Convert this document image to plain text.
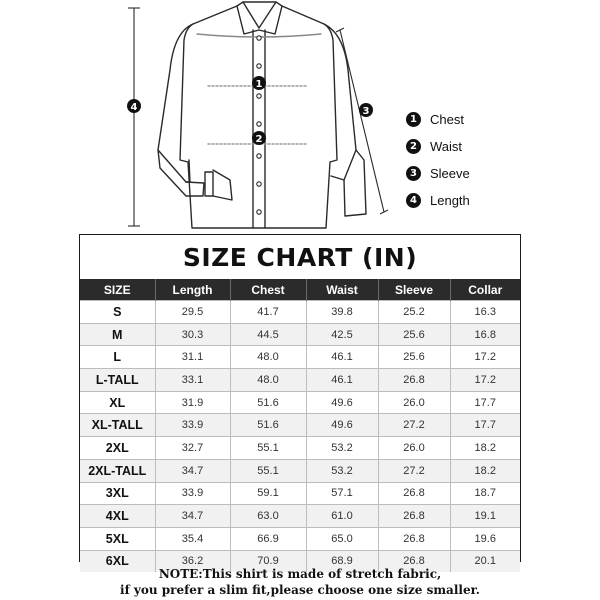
1
2
3
4
1	Chest
2	Waist
3	Sleeve
4	Length
SIZE CHART (IN)
SIZE	Length	Chest	Waist	Sleeve	Collar
S	29.5	41.7	39.8	25.2	16.3
M	30.3	44.5	42.5	25.6	16.8
L	31.1	48.0	46.1	25.6	17.2
L-TALL	33.1	48.0	46.1	26.8	17.2
XL	31.9	51.6	49.6	26.0	17.7
XL-TALL	33.9	51.6	49.6	27.2	17.7
2XL	32.7	55.1	53.2	26.0	18.2
2XL-TALL	34.7	55.1	53.2	27.2	18.2
3XL	33.9	59.1	57.1	26.8	18.7
4XL	34.7	63.0	61.0	26.8	19.1
5XL	35.4	66.9	65.0	26.8	19.6
6XL	36.2	70.9	68.9	26.8	20.1
NOTE:This shirt is made of stretch fabric,
if you prefer a slim fit,please choose one size smaller.
